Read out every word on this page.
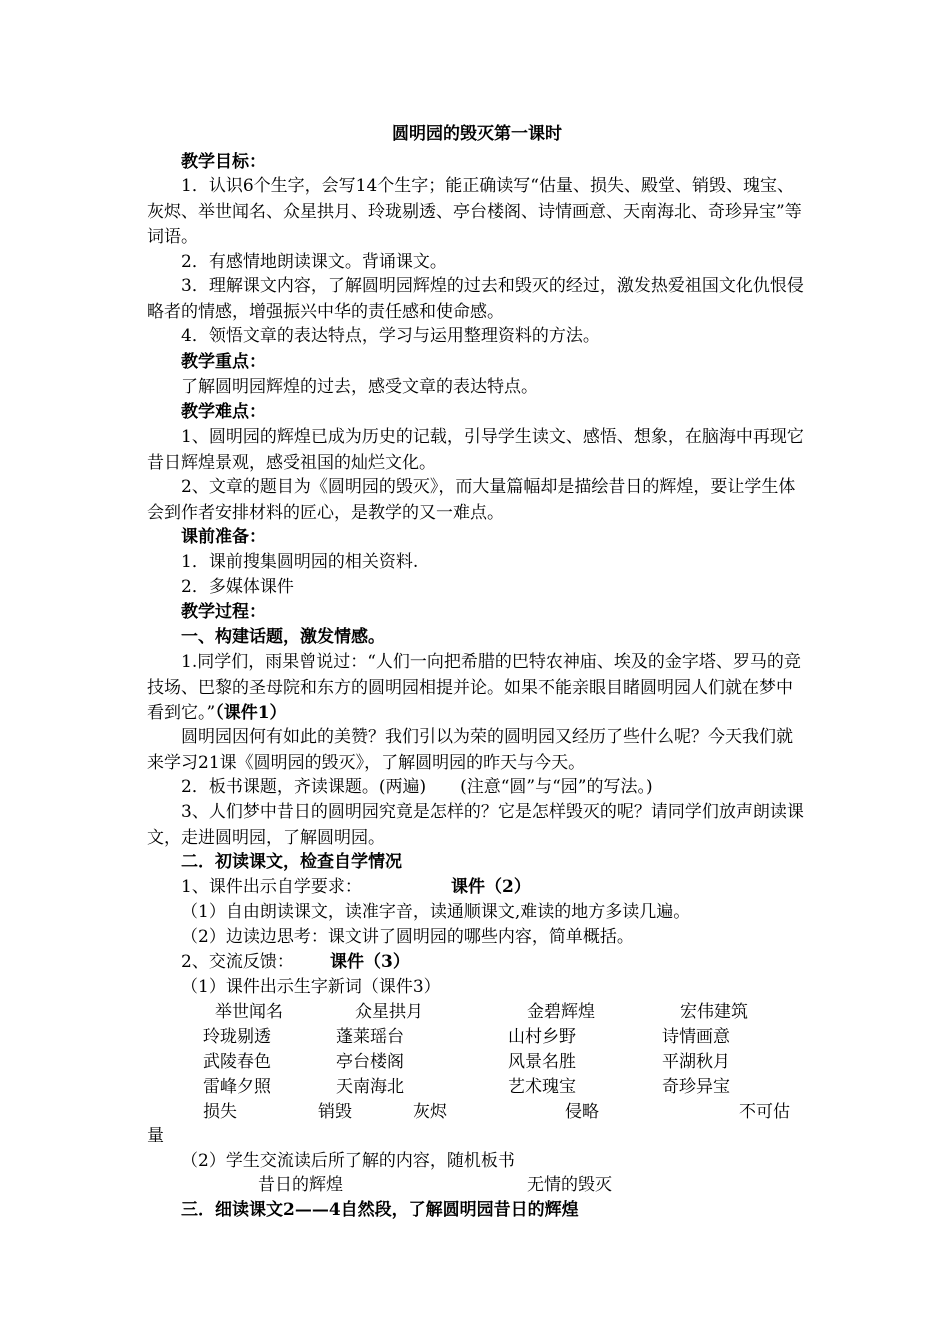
圆明园的毁灭第一课时
教学目标：
1．认识6个生字，会写14个生字；能正确读写“估量、损失、殿堂、销毁、瑰宝、灰烬、举世闻名、众星拱月、玲珑剔透、亭台楼阁、诗情画意、天南海北、奇珍异宝”等词语。
2．有感情地朗读课文。背诵课文。
3．理解课文内容，了解圆明园辉煌的过去和毁灭的经过，激发热爱祖国文化仇恨侵略者的情感，增强振兴中华的责任感和使命感。
4．领悟文章的表达特点，学习与运用整理资料的方法。
教学重点：
了解圆明园辉煌的过去，感受文章的表达特点。
教学难点：
1、圆明园的辉煌已成为历史的记载，引导学生读文、感悟、想象，在脑海中再现它昔日辉煌景观，感受祖国的灿烂文化。
2、文章的题目为《圆明园的毁灭》，而大量篇幅却是描绘昔日的辉煌，要让学生体会到作者安排材料的匠心，是教学的又一难点。
课前准备：
1．课前搜集圆明园的相关资料.
2．多媒体课件
教学过程：
一、构建话题，激发情感。
1.同学们，雨果曾说过：“人们一向把希腊的巴特农神庙、埃及的金字塔、罗马的竞技场、巴黎的圣母院和东方的圆明园相提并论。如果不能亲眼目睹圆明园人们就在梦中看到它。”（课件1）
圆明园因何有如此的美赞？我们引以为荣的圆明园又经历了些什么呢？今天我们就来学习21课《圆明园的毁灭》，了解圆明园的昨天与今天。
2．板书课题，齐读课题。(两遍) (注意“圆”与“园”的写法。)
3、人们梦中昔日的圆明园究竟是怎样的？它是怎样毁灭的呢？请同学们放声朗读课文，走进圆明园，了解圆明园。
二．初读课文，检查自学情况
1、课件出示自学要求：	课件（2）
（1）自由朗读课文，读准字音，读通顺课文,难读的地方多读几遍。
（2）边读边思考：课文讲了圆明园的哪些内容，简单概括。
2、交流反馈： 课件（3）
（1）课件出示生字新词（课件3）
举世闻名	众星拱月	金碧辉煌	宏伟建筑
玲珑剔透	蓬莱瑶台	山村乡野	诗情画意
武陵春色	亭台楼阁	风景名胜	平湖秋月
雷峰夕照	天南海北	艺术瑰宝	奇珍异宝
损失	销毁	灰烬	侵略	不可估
量
（2）学生交流读后所了解的内容，随机板书
昔日的辉煌	无情的毁灭
三．细读课文2——4自然段，了解圆明园昔日的辉煌
